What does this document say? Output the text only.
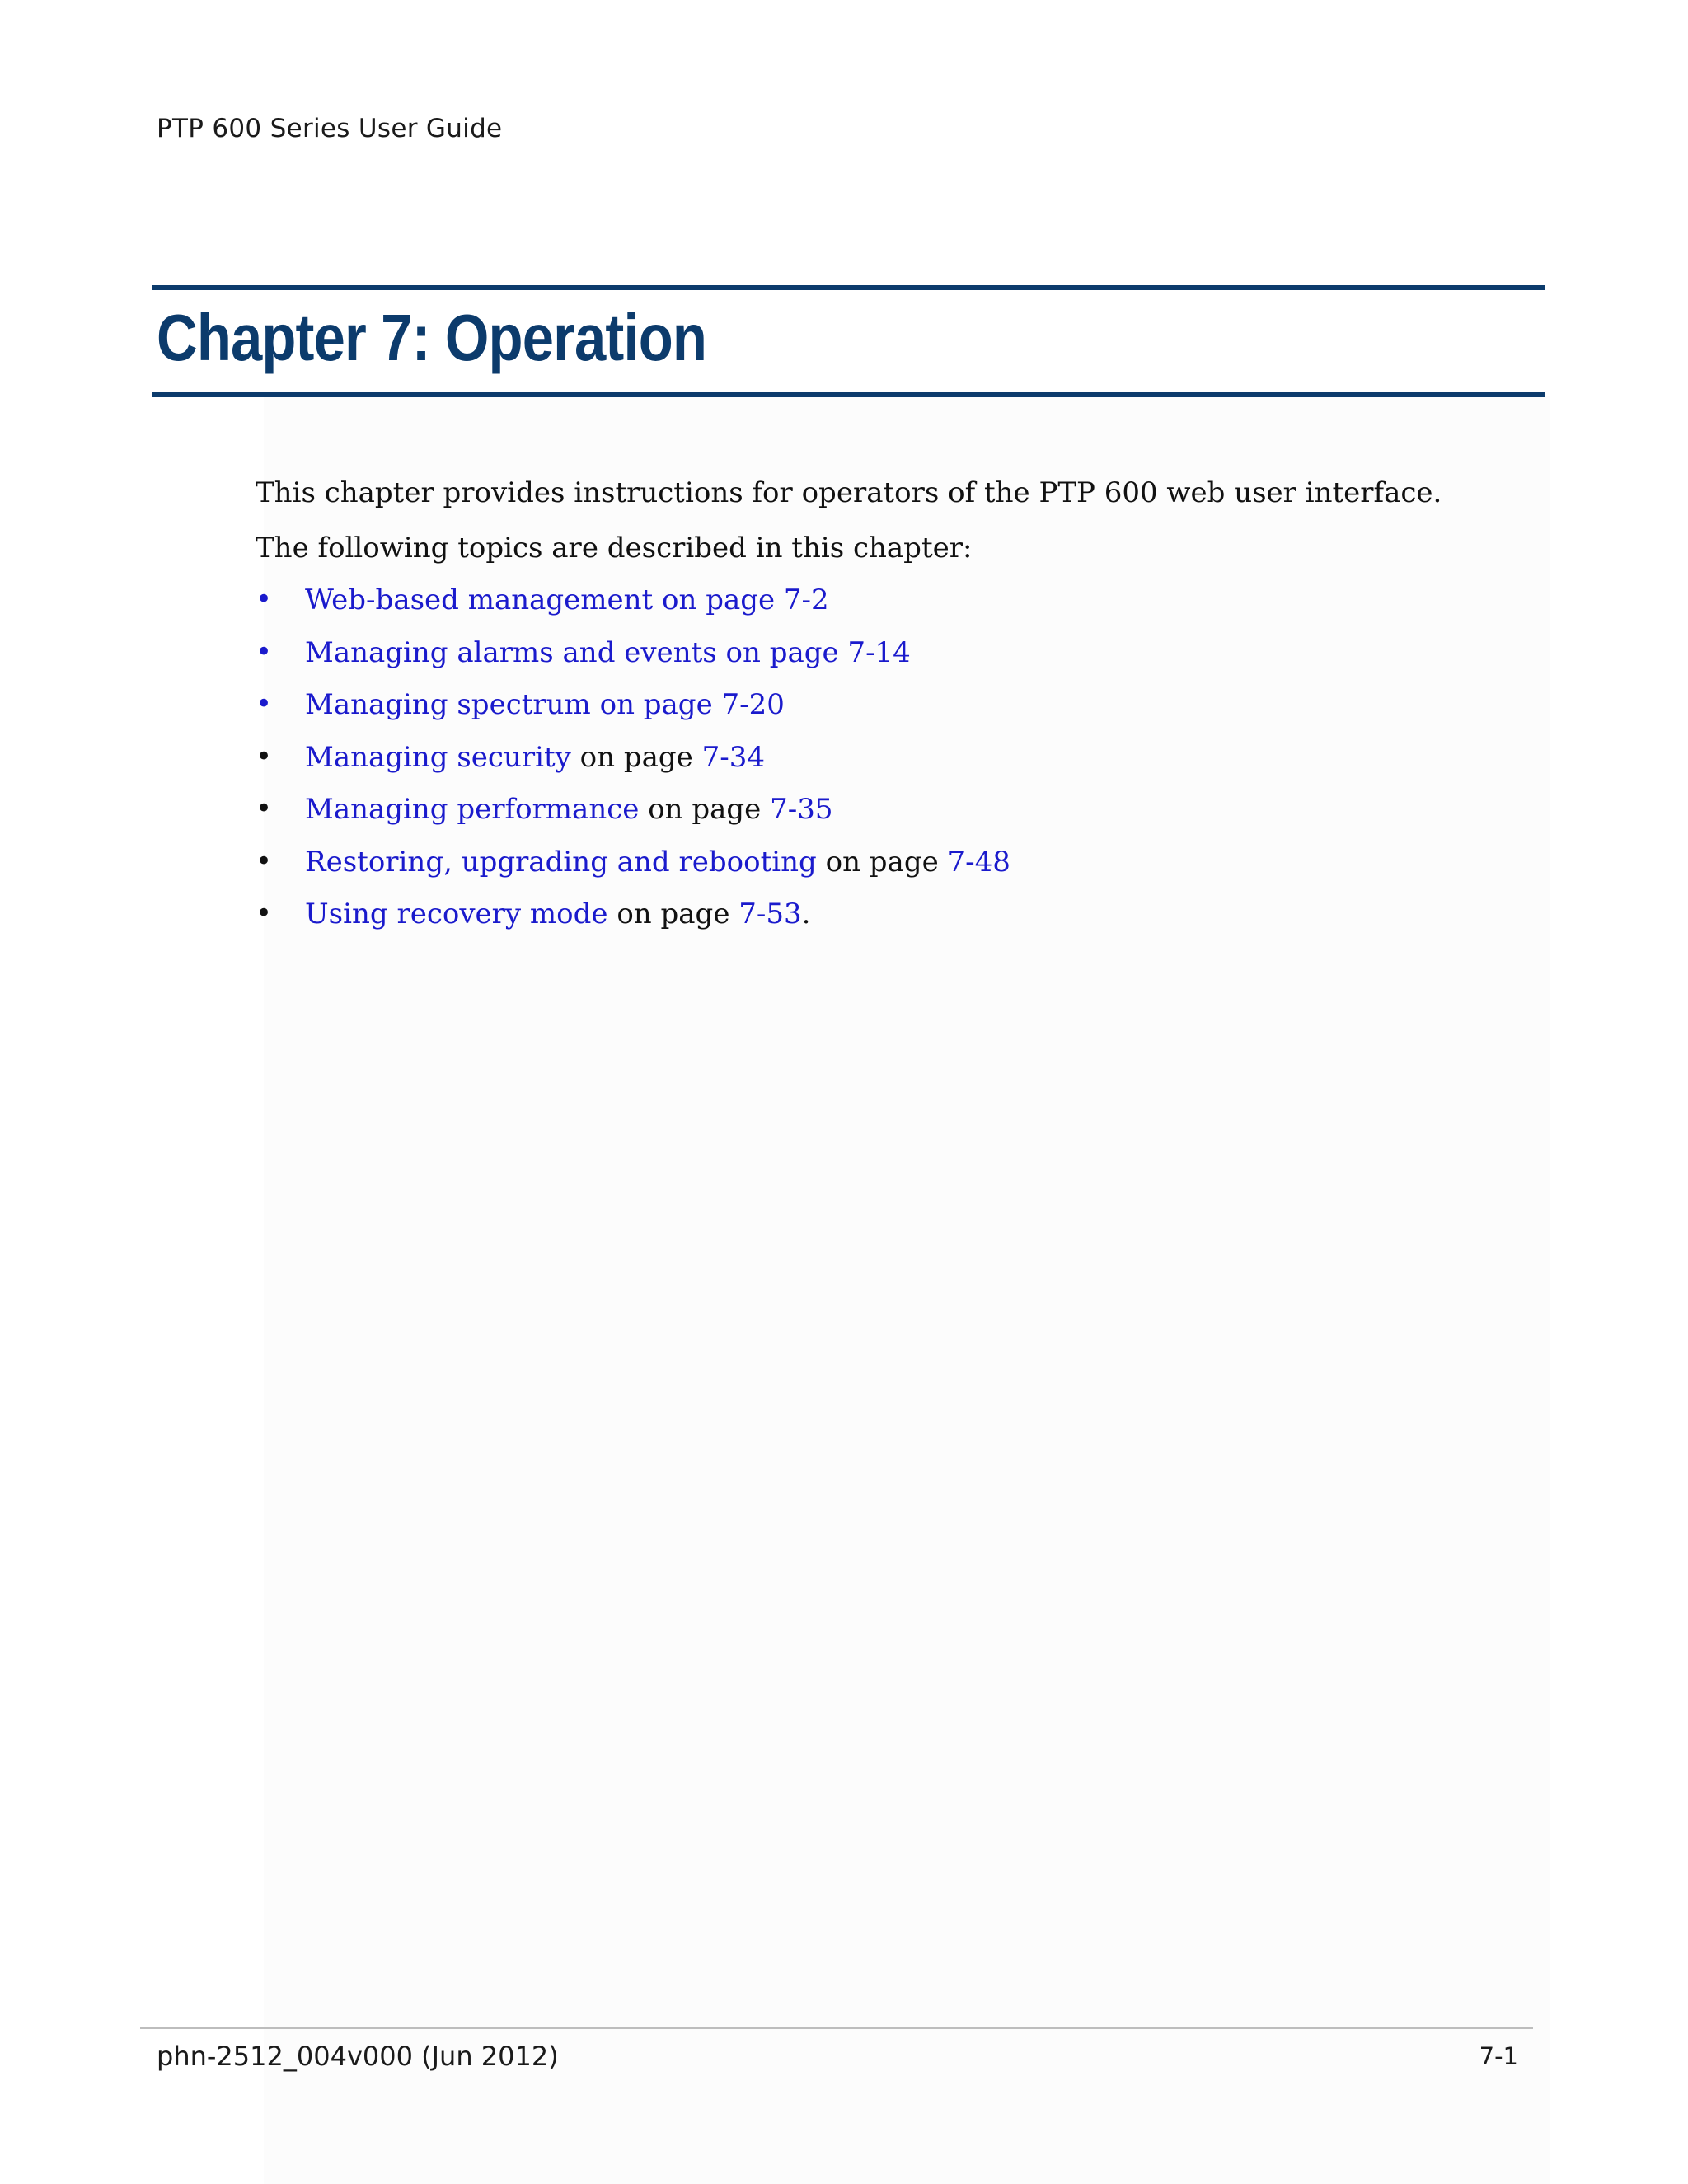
PTP 600 Series User Guide
Chapter 7: Operation
This chapter provides instructions for operators of the PTP 600 web user interface.
The following topics are described in this chapter:
• Web-based management on page 7-2
• Managing alarms and events on page 7-14
• Managing spectrum on page 7-20
• Managing security on page 7-34
• Managing performance on page 7-35
• Restoring, upgrading and rebooting on page 7-48
• Using recovery mode on page 7-53.
phn-2512_004v000 (Jun 2012)	7-1
